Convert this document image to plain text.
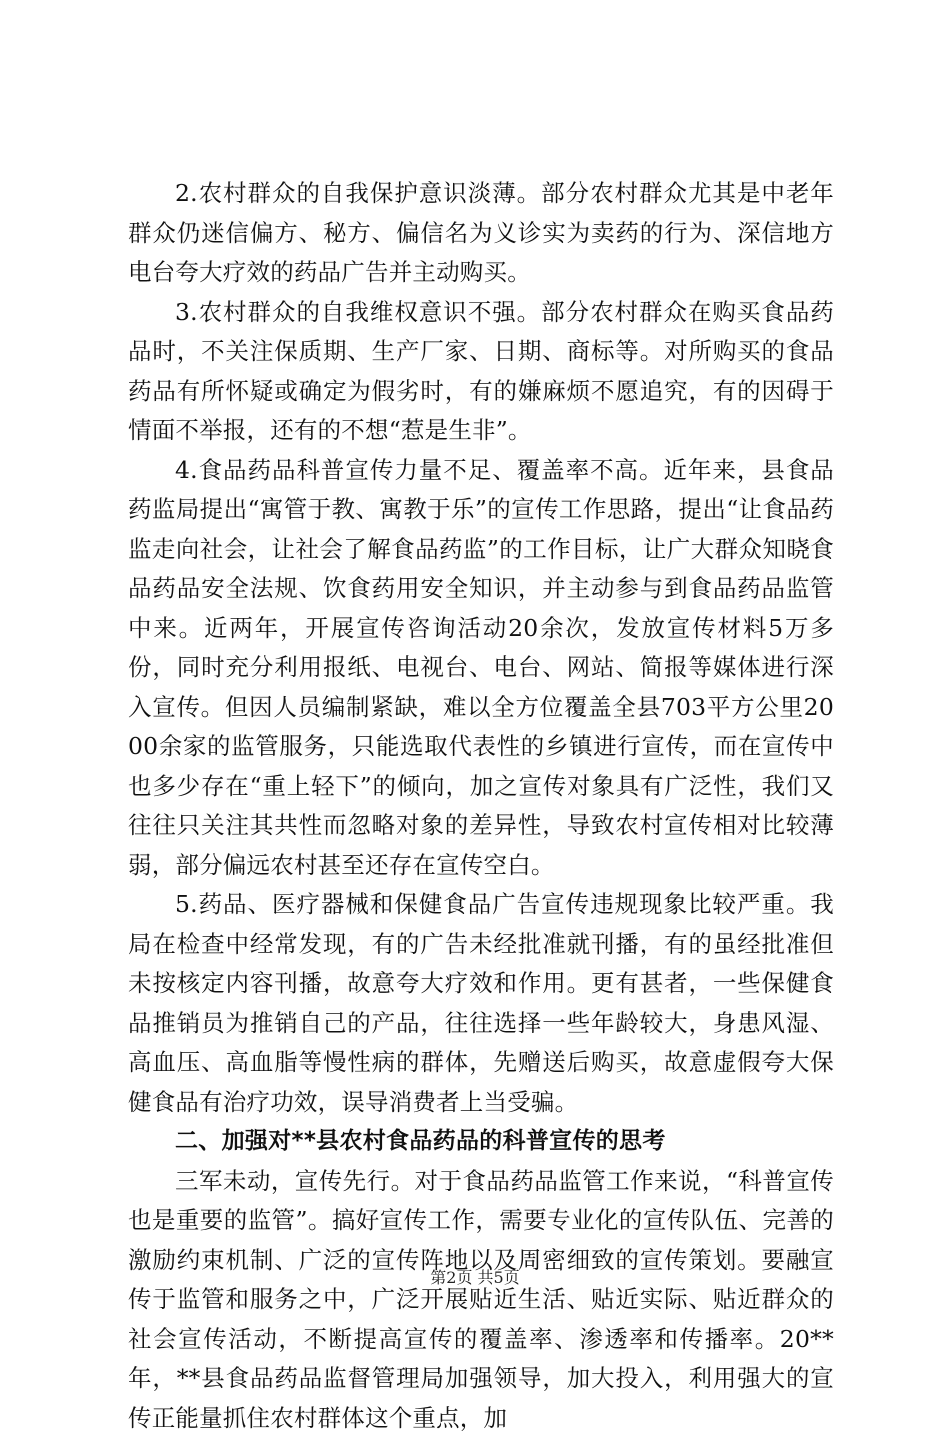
2.农村群众的自我保护意识淡薄。部分农村群众尤其是中老年群众仍迷信偏方、秘方、偏信名为义诊实为卖药的行为、深信地方电台夸大疗效的药品广告并主动购买。

3.农村群众的自我维权意识不强。部分农村群众在购买食品药品时，不关注保质期、生产厂家、日期、商标等。对所购买的食品药品有所怀疑或确定为假劣时，有的嫌麻烦不愿追究，有的因碍于情面不举报，还有的不想“惹是生非”。

4.食品药品科普宣传力量不足、覆盖率不高。近年来，县食品药监局提出“寓管于教、寓教于乐”的宣传工作思路，提出“让食品药监走向社会，让社会了解食品药监”的工作目标，让广大群众知晓食品药品安全法规、饮食药用安全知识，并主动参与到食品药品监管中来。近两年，开展宣传咨询活动20余次，发放宣传材料5万多份，同时充分利用报纸、电视台、电台、网站、简报等媒体进行深入宣传。但因人员编制紧缺，难以全方位覆盖全县703平方公里2000余家的监管服务，只能选取代表性的乡镇进行宣传，而在宣传中也多少存在“重上轻下”的倾向，加之宣传对象具有广泛性，我们又往往只关注其共性而忽略对象的差异性，导致农村宣传相对比较薄弱，部分偏远农村甚至还存在宣传空白。

5.药品、医疗器械和保健食品广告宣传违规现象比较严重。我局在检查中经常发现，有的广告未经批准就刊播，有的虽经批准但未按核定内容刊播，故意夸大疗效和作用。更有甚者，一些保健食品推销员为推销自己的产品，往往选择一些年龄较大，身患风湿、高血压、高血脂等慢性病的群体，先赠送后购买，故意虚假夸大保健食品有治疗功效，误导消费者上当受骗。

二、加强对**县农村食品药品的科普宣传的思考

三军未动，宣传先行。对于食品药品监管工作来说，“科普宣传也是重要的监管”。搞好宣传工作，需要专业化的宣传队伍、完善的激励约束机制、广泛的宣传阵地以及周密细致的宣传策划。要融宣传于监管和服务之中，广泛开展贴近生活、贴近实际、贴近群众的社会宣传活动，不断提高宣传的覆盖率、渗透率和传播率。20**年，**县食品药品监督管理局加强领导，加大投入，利用强大的宣传正能量抓住农村群体这个重点，加

第2页 共5页
